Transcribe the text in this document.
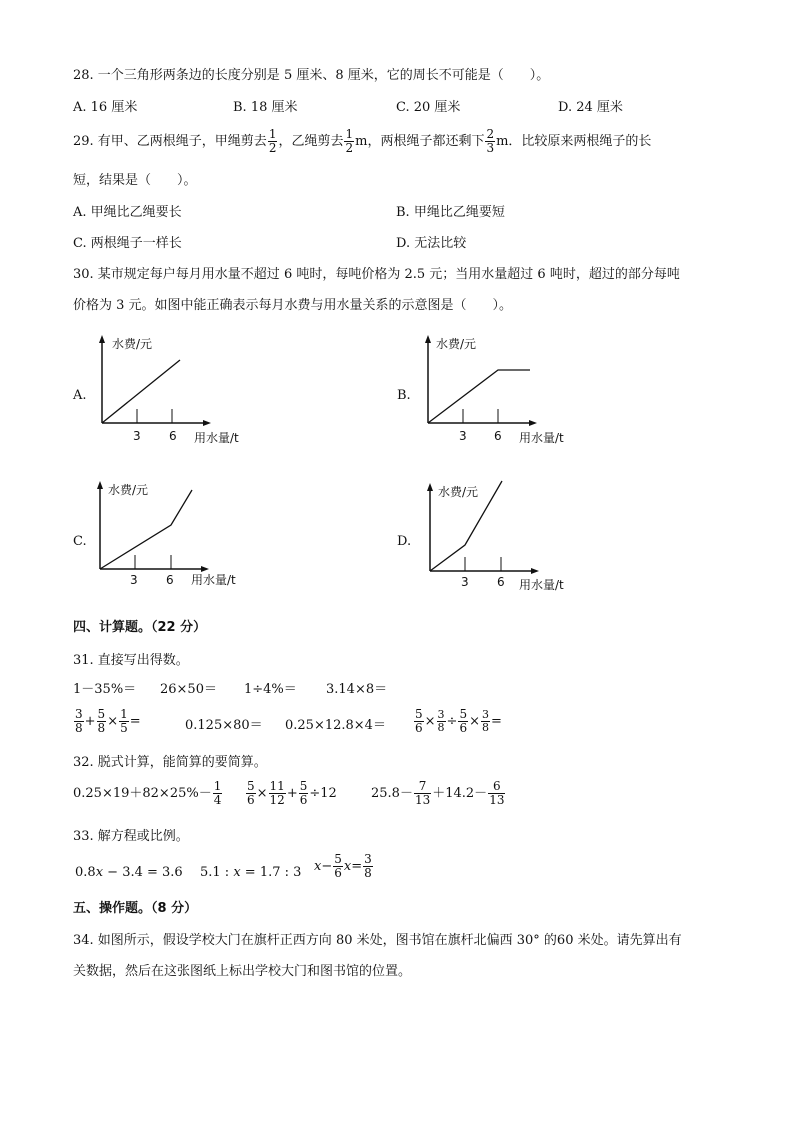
28. 一个三角形两条边的长度分别是 5 厘米、8 厘米，它的周长不可能是（　　）。
A. 16 厘米	B. 18 厘米	C. 20 厘米	D. 24 厘米
29. 有甲、乙两根绳子，甲绳剪去 $\frac{1}{2}$ ，乙绳剪去 $\frac{1}{2}$ m ，两根绳子都还剩下 $\frac{2}{3}$ m．比较原来两根绳子的长
短，结果是（　　）。
A. 甲绳比乙绳要长	B. 甲绳比乙绳要短
C. 两根绳子一样长	D. 无法比较
30. 某市规定每户每月用水量不超过 6 吨时，每吨价格为 2.5 元；当用水量超过 6 吨时，超过的部分每吨
价格为 3 元。如图中能正确表示每月水费与用水量关系的示意图是（　　）。
A.
水费/元
3 6 用水量/t
B.
水费/元
3 6 用水量/t
C.
水费/元
3 6 用水量/t
D.
水费/元
3 6 用水量/t
四、计算题。（22 分）
31. 直接写出得数。
1－35%＝ 26×50＝ 1÷4%＝ 3.14×8＝
$\frac{3}{8} + \frac{5}{8} \times \frac{1}{5}$ =	$0.125\times 80= 0.25\times 12.8\times 4= \frac{5}{6} \times \frac{3}{8} \div \frac{5}{6} \times \frac{3}{8}$ =
32. 脱式计算，能简算的要简算。
$0.25\times 19+82\times 25\%- \frac{1}{4} \frac{5}{6} \times \frac{11}{12} + \frac{5}{6} \div 12$	$25.8- \frac{7}{13} +14.2- \frac{6}{13}$
33. 解方程或比例。
0.8x − 3.4 = 3.6 5.1 : x = 1.7 : 3 $x - \frac{5}{6}$ $x = \frac{3}{8}$
五、操作题。（8 分）
34. 如图所示，假设学校大门在旗杆正西方向 80 米处，图书馆在旗杆北偏西 30° 的60 米处。请先算出有
关数据，然后在这张图纸上标出学校大门和图书馆的位置。
